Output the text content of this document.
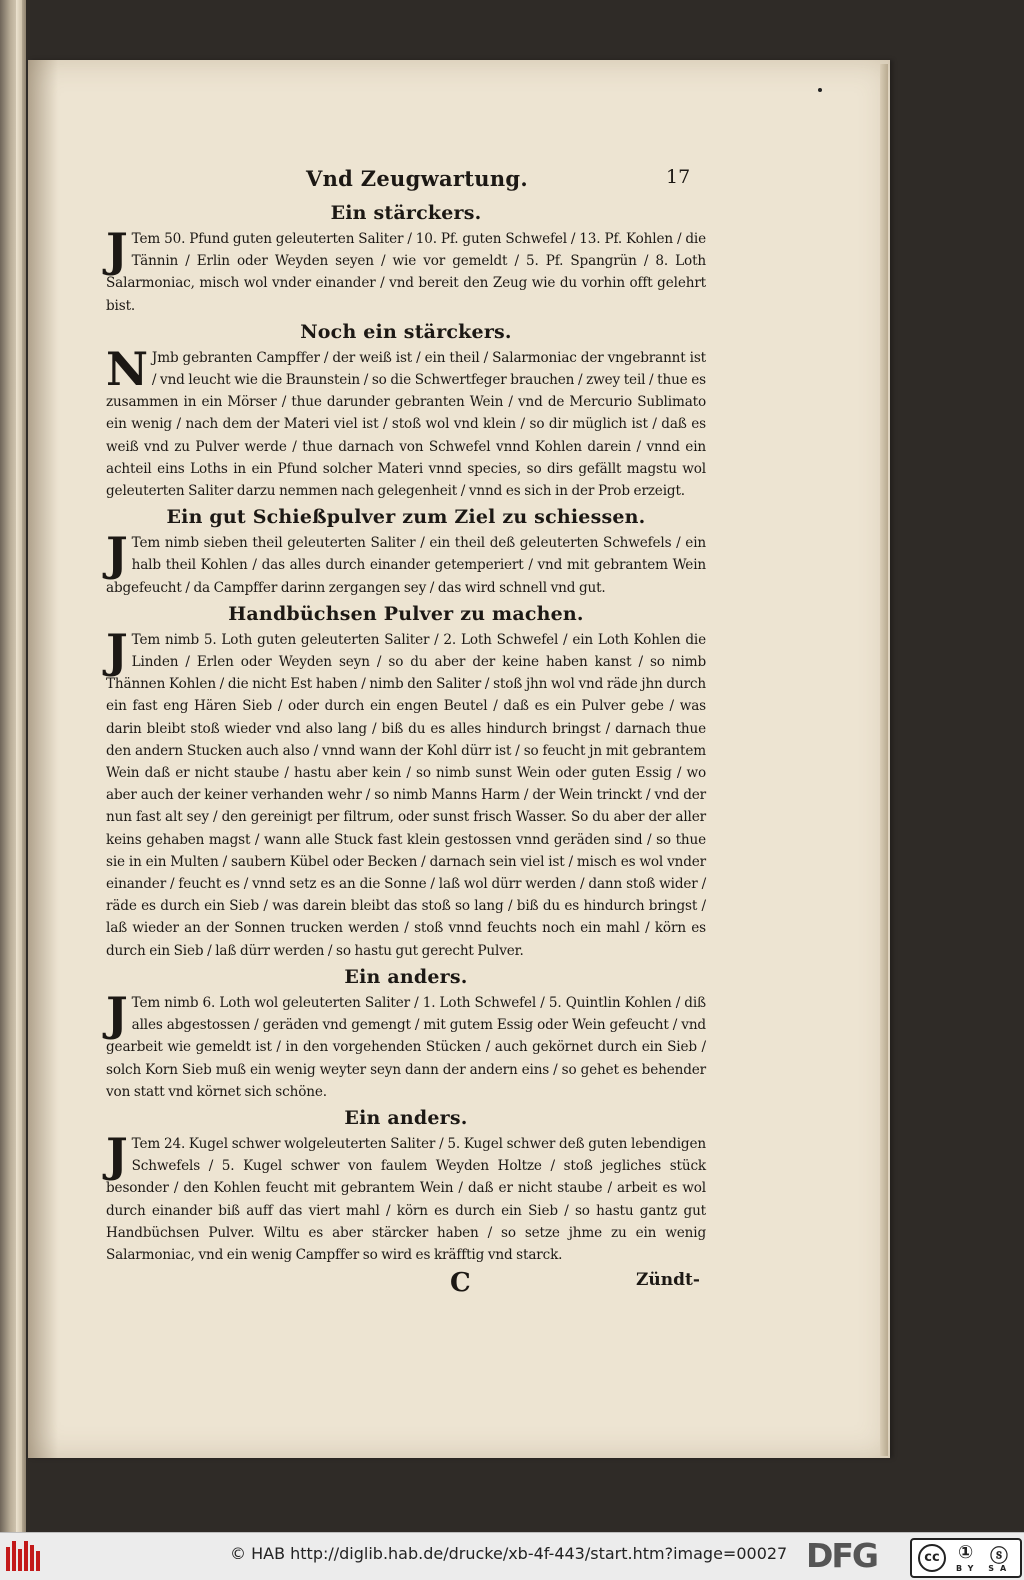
Vnd Zeugwartung.	17
Ein stärckers.

J Tem 50. Pfund guten geleuterten Saliter / 10. Pf. guten Schwefel / 13. Pf. Kohlen / die Tännin / Erlin oder Weyden seyen / wie vor gemeldt / 5. Pf. Spangrün / 8. Loth Salarmoniac, misch wol vnder einander / vnd bereit den Zeug wie du vorhin offt gelehrt bist.

Noch ein stärckers.

N Jmb gebranten Campffer / der weiß ist / ein theil / Salarmoniac der vngebrannt ist / vnd leucht wie die Braunstein / so die Schwertfeger brauchen / zwey teil / thue es zusammen in ein Mörser / thue darunder gebranten Wein / vnd de Mercurio Sublimato ein wenig / nach dem der Materi viel ist / stoß wol vnd klein / so dir müglich ist / daß es weiß vnd zu Pulver werde / thue darnach von Schwefel vnnd Kohlen darein / vnnd ein achteil eins Loths in ein Pfund solcher Materi vnnd species, so dirs gefällt magstu wol geleuterten Saliter darzu nemmen nach gelegenheit / vnnd es sich in der Prob erzeigt.

Ein gut Schießpulver zum Ziel zu schiessen.

J Tem nimb sieben theil geleuterten Saliter / ein theil deß geleuterten Schwefels / ein halb theil Kohlen / das alles durch einander getemperiert / vnd mit gebrantem Wein abgefeucht / da Campffer darinn zergangen sey / das wird schnell vnd gut.

Handbüchsen Pulver zu machen.

J Tem nimb 5. Loth guten geleuterten Saliter / 2. Loth Schwefel / ein Loth Kohlen die Linden / Erlen oder Weyden seyn / so du aber der keine haben kanst / so nimb Thännen Kohlen / die nicht Est haben / nimb den Saliter / stoß jhn wol vnd räde jhn durch ein fast eng Hären Sieb / oder durch ein engen Beutel / daß es ein Pulver gebe / was darin bleibt stoß wieder vnd also lang / biß du es alles hindurch bringst / darnach thue den andern Stucken auch also / vnnd wann der Kohl dürr ist / so feucht jn mit gebrantem Wein daß er nicht staube / hastu aber kein / so nimb sunst Wein oder guten Essig / wo aber auch der keiner verhanden wehr / so nimb Manns Harm / der Wein trinckt / vnd der nun fast alt sey / den gereinigt per filtrum, oder sunst frisch Wasser. So du aber der aller keins gehaben magst / wann alle Stuck fast klein gestossen vnnd geräden sind / so thue sie in ein Multen / saubern Kübel oder Becken / darnach sein viel ist / misch es wol vnder einander / feucht es / vnnd setz es an die Sonne / laß wol dürr werden / dann stoß wider / räde es durch ein Sieb / was darein bleibt das stoß so lang / biß du es hindurch bringst / laß wieder an der Sonnen trucken werden / stoß vnnd feuchts noch ein mahl / körn es durch ein Sieb / laß dürr werden / so hastu gut gerecht Pulver.

Ein anders.

J Tem nimb 6. Loth wol geleuterten Saliter / 1. Loth Schwefel / 5. Quintlin Kohlen / diß alles abgestossen / geräden vnd gemengt / mit gutem Essig oder Wein gefeucht / vnd gearbeit wie gemeldt ist / in den vorgehenden Stücken / auch gekörnet durch ein Sieb / solch Korn Sieb muß ein wenig weyter seyn dann der andern eins / so gehet es behender von statt vnd körnet sich schöne.

Ein anders.

J Tem 24. Kugel schwer wolgeleuterten Saliter / 5. Kugel schwer deß guten lebendigen Schwefels / 5. Kugel schwer von faulem Weyden Holtze / stoß jegliches stück besonder / den Kohlen feucht mit gebrantem Wein / daß er nicht staube / arbeit es wol durch einander biß auff das viert mahl / körn es durch ein Sieb / so hastu gantz gut Handbüchsen Pulver. Wiltu es aber stärcker haben / so setze jhme zu ein wenig Salarmoniac, vnd ein wenig Campffer so wird es kräfftig vnd starck.

C	Zündt-
© HAB http://diglib.hab.de/drucke/xb-4f-443/start.htm?image=00027 DFG	cc	① ⓢ
BY SA
